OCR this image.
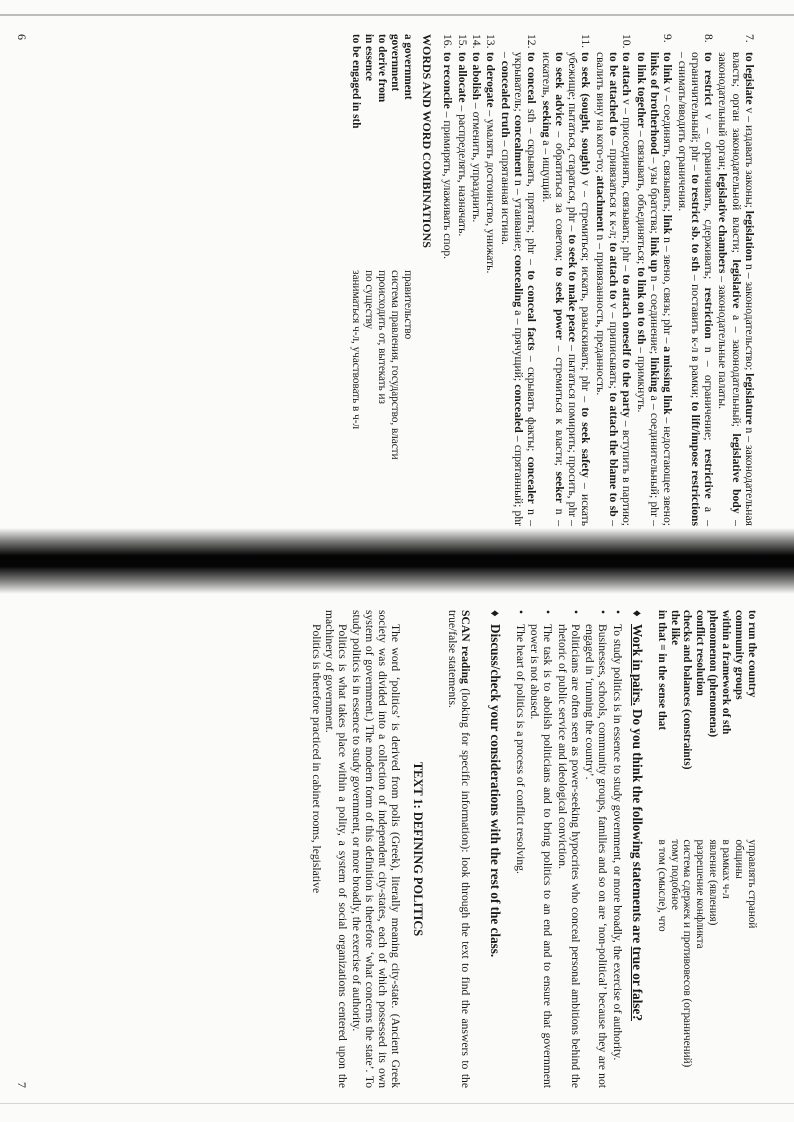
7.
to legislate v – издавать законы; legislation n – законодательство; legislature n – законодательная власть; орган законодательной власти; legislative a – законодательный; legislative body – законодательный орган; legislative chambers – законодательные палаты.
8.
to restrict v – ограничивать, сдерживать; restriction n – ограничение; restrictive a – ограничительный; phr – to restrict sb. to sth – поставить к-л в рамки; to lift/impose restrictions – снимать/вводить ограничения.
9.
to link v – соединять, связывать; link n – звено, связь; phr – a missing link – недостающее звено; links of brotherhood – узы братства; link up n – соединение; linking a – соединительный; phr – to link together – связывать, объединяться; to link on to sth – примкнуть.
10.
to attach v – присоединять, связывать; phr – to attach oneself to the party – вступить в партию; to be attached to – привязаться к к-л; to attach to v – приписывать; to attach the blame to sb – свалить вину на кого-то; attachment n – привязанность, преданность.
11.
to seek (sought, sought) v – стремиться; искать, разыскивать; phr – to seek safety – искать убежище; пытаться, стараться, phr – to seek to make peace – пытаться помирить; просить, phr – to seek advice – обратиться за советом; to seek power – стремиться к власти; seeker n – искатель, seeking a – ищущий.
12.
to conceal sth – скрывать, прятать; phr – to conceal facts – скрывать факты; concealer n – укрыватель; concealment n – утаивание; concealing a – прячущий; concealed – спрятанный; phr – concealed truth – спрятанная истина.
13.
to derogate – умалять достоинство, унижать.
14.
to abolish – отменить, упразднить.
15.
to allocate – распределять, назначать.
16.
to reconcile – примирять, улаживать спор.
WORDS AND WORD COMBINATIONS
a government	правительство
government	система правления, государство, власти
to derive from	происходить от, вытекать из
in essence	по существу
to be engaged in sth	заниматься ч-л, участвовать в ч-л
6
to run the country	управлять страной
community groups	общины
within a framework of sth	в рамках ч-л
phenomenon (phenomena)	явление (явления)
conflict resolution	разрешение конфликта
checks and balances (constraints)	система сдержек и противовесов (ограничений)
the like	тому подобное
in that = in the sense that	в том (смысле), что
♦
Work in pairs. Do you think the following statements are true or false?
•
To study politics is in essence to study government, or more broadly, the exercise of authority.
•
Businesses, schools, community groups, families and so on are ‘non-political’ because they are not engaged in ‘running the country’.
•
Politicians are often seen as power-seeking hypocrites who conceal personal ambitions behind the rhetoric of public service and ideological conviction.
•
The task is to abolish politicians and to bring politics to an end and to ensure that government power is not abused.
•
The heart of politics is a process of conflict resolving.
♦
Discuss/check your considerations with the rest of the class.
SCAN reading (looking for specific information): look through the text to find the answers to the true/false statements.
TEXT 1: DEFINING POLITICS

The word ‘politics’ is derived from polis (Greek), literally meaning city-state. (Ancient Greek society was divided into a collection of independent city-states, each of which possessed its own system of government.) The modern form of this definition is therefore ‘what concerns the state’. To study politics is in essence to study government, or more broadly, the exercise of authority.

Politics is what takes place within a polity, a system of social organizations centered upon the machinery of government.

Politics is therefore practiced in cabinet rooms, legislative

7
